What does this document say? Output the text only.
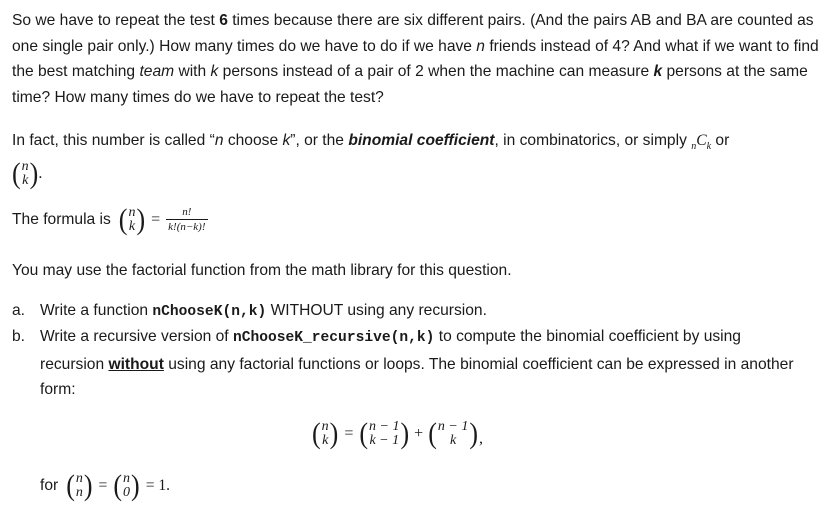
So we have to repeat the test 6 times because there are six different pairs. (And the pairs AB and BA are counted as one single pair only.) How many times do we have to do if we have n friends instead of 4? And what if we want to find the best matching team with k persons instead of a pair of 2 when the machine can measure k persons at the same time? How many times do we have to repeat the test?

In fact, this number is called “n choose k”, or the binomial coefficient, in combinatorics, or simply $_nC_k$ or

( n
k ) .
The formula is ( n
k ) = $\frac{n!}{k!(n-k)!}$

You may use the factorial function from the math library for this question.

a. Write a function nChooseK(n,k) WITHOUT using any recursion.
b. Write a recursive version of nChooseK_recursive(n,k) to compute the binomial coefficient by using recursion without using any factorial functions or loops. The binomial coefficient can be expressed in another form:
( n
k ) = ( n − 1
k − 1 ) + ( n − 1
k ) ,
for ( n
n ) = ( n
0 ) = 1.
